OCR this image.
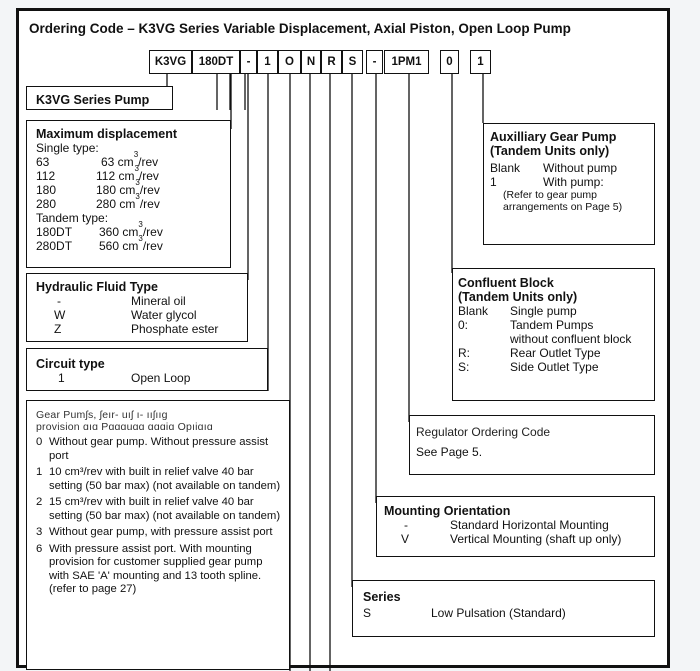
Ordering Code – K3VG Series Variable Displacement, Axial Piston, Open Loop Pump
K3VG	180DT	-	1	O	N	R	S	-	1PM1	0	1
K3VG Series Pump
Maximum displacement
Single type:
63	63 cm
3
/rev
112	112 cm
3
/rev
180	180 cm
3
/rev
280	280 cm
3
/rev
Tandem type:
180DT	360 cm
3
/rev
280DT	560 cm
3
/rev
Hydraulic Fluid Type
-	Mineral oil
W	Water glycol
Z	Phosphate ester
Circuit type
1	Open Loop
Gear Pumʃs, ʃeır‐ uıʃ ı‐ ııʃııg
provision ɑıɑ Pɑɑɑuɑɑ ɑɑɑiɑ Opıiɑıɑ
0 Without gear pump. Without pressure assist port
1 10 cm³/rev with built in relief valve 40 bar setting (50 bar max) (not available on tandem)
2 15 cm³/rev with built in relief valve 40 bar setting (50 bar max) (not available on tandem)
3 Without gear pump, with pressure assist port
6 With pressure assist port. With mounting provision for customer supplied gear pump with SAE 'A' mounting and 13 tooth spline. (refer to page 27)
Auxilliary Gear Pump
(Tandem Units only)
Blank	Without pump
1	With pump:
(Refer to gear pump
arrangements on Page 5)
Confluent Block
(Tandem Units only)
Blank	Single pump
0:	Tandem Pumps
without confluent block
R:	Rear Outlet Type
S:	Side Outlet Type
Regulator Ordering Code
See Page 5.
Mounting Orientation
-	Standard Horizontal Mounting
V	Vertical Mounting (shaft up only)
Series
S	Low Pulsation (Standard)
